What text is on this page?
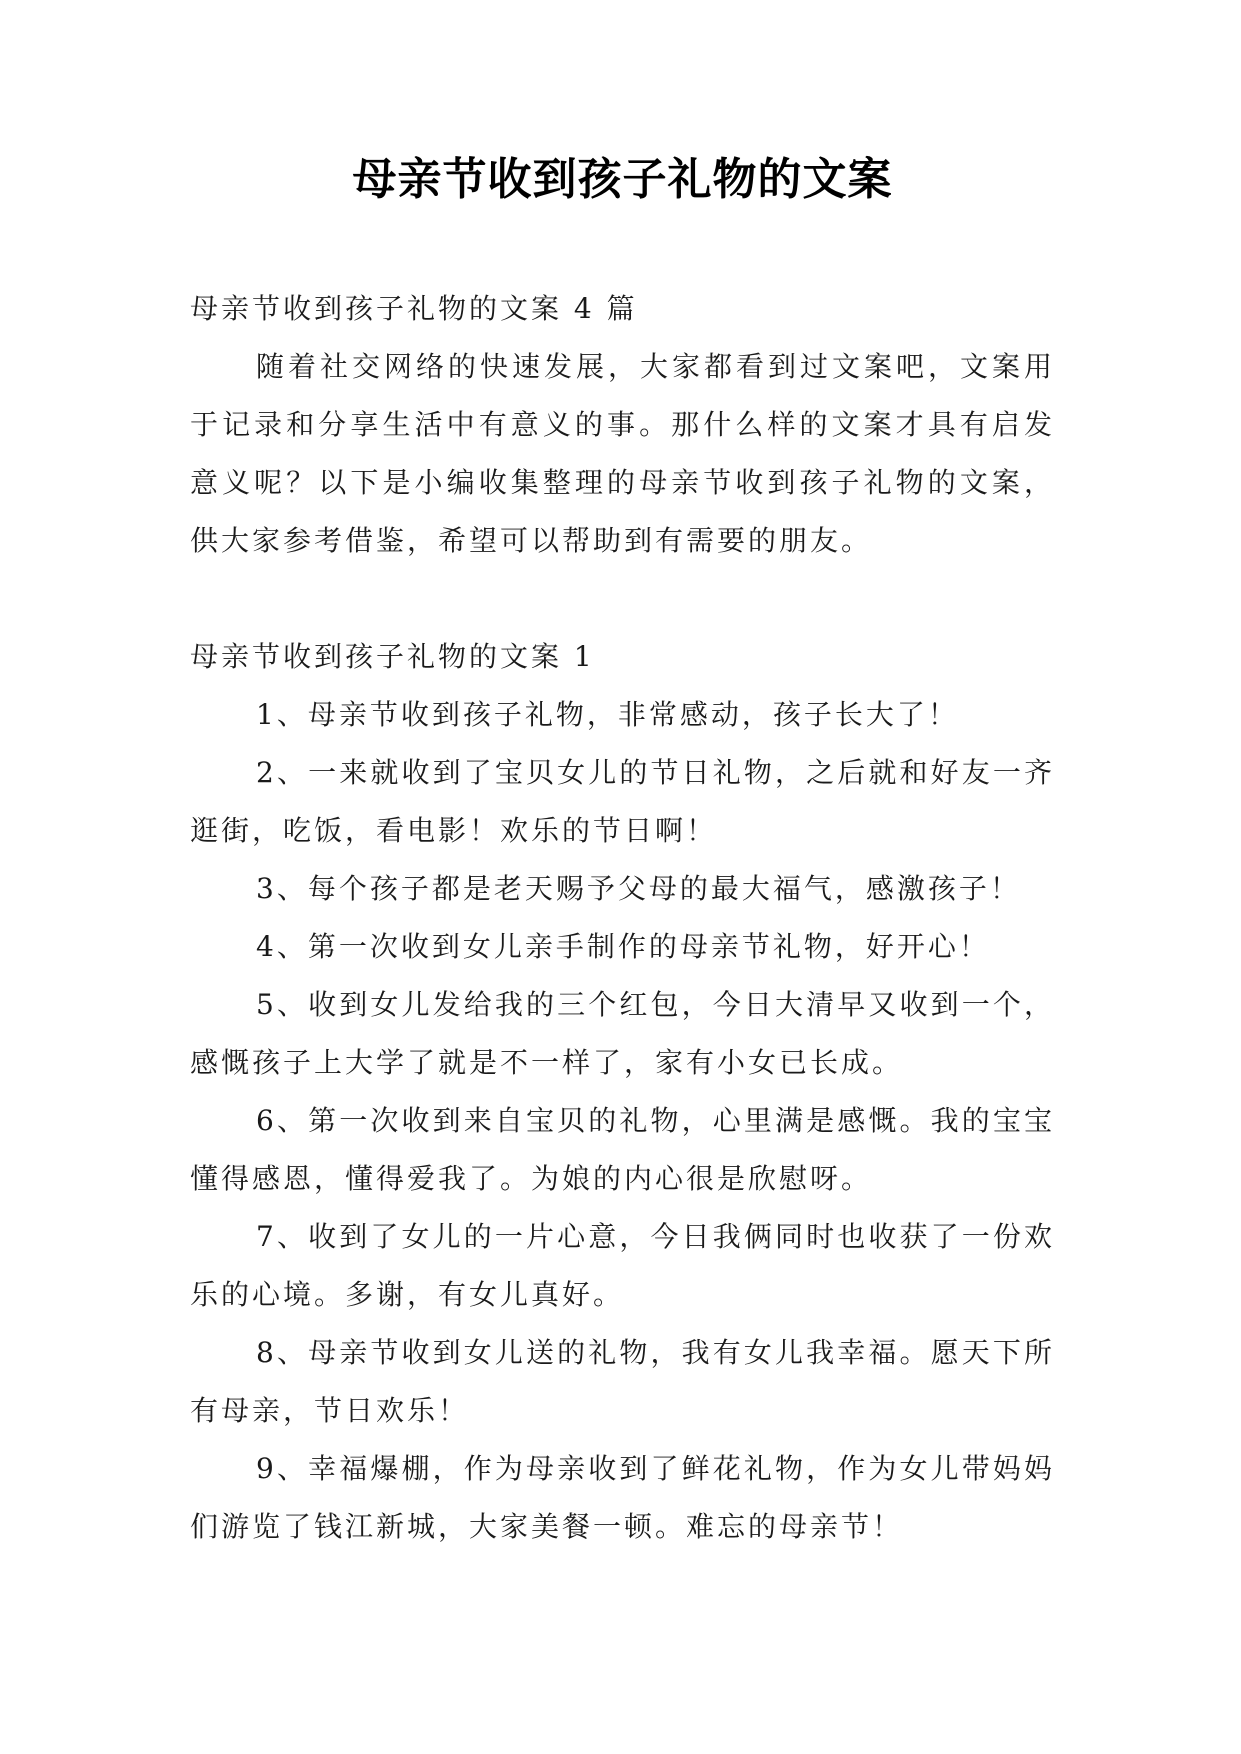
母亲节收到孩子礼物的文案

母亲节收到孩子礼物的文案 4 篇

随着社交网络的快速发展，大家都看到过文案吧，文案用于记录和分享生活中有意义的事。那什么样的文案才具有启发意义呢？以下是小编收集整理的母亲节收到孩子礼物的文案，供大家参考借鉴，希望可以帮助到有需要的朋友。

母亲节收到孩子礼物的文案 1

1、母亲节收到孩子礼物，非常感动，孩子长大了！

2、一来就收到了宝贝女儿的节日礼物，之后就和好友一齐逛街，吃饭，看电影！欢乐的节日啊！

3、每个孩子都是老天赐予父母的最大福气，感激孩子！

4、第一次收到女儿亲手制作的母亲节礼物，好开心！

5、收到女儿发给我的三个红包，今日大清早又收到一个，感慨孩子上大学了就是不一样了，家有小女已长成。

6、第一次收到来自宝贝的礼物，心里满是感慨。我的宝宝懂得感恩，懂得爱我了。为娘的内心很是欣慰呀。

7、收到了女儿的一片心意，今日我俩同时也收获了一份欢乐的心境。多谢，有女儿真好。

8、母亲节收到女儿送的礼物，我有女儿我幸福。愿天下所有母亲，节日欢乐！

9、幸福爆棚，作为母亲收到了鲜花礼物，作为女儿带妈妈们游览了钱江新城，大家美餐一顿。难忘的母亲节！
